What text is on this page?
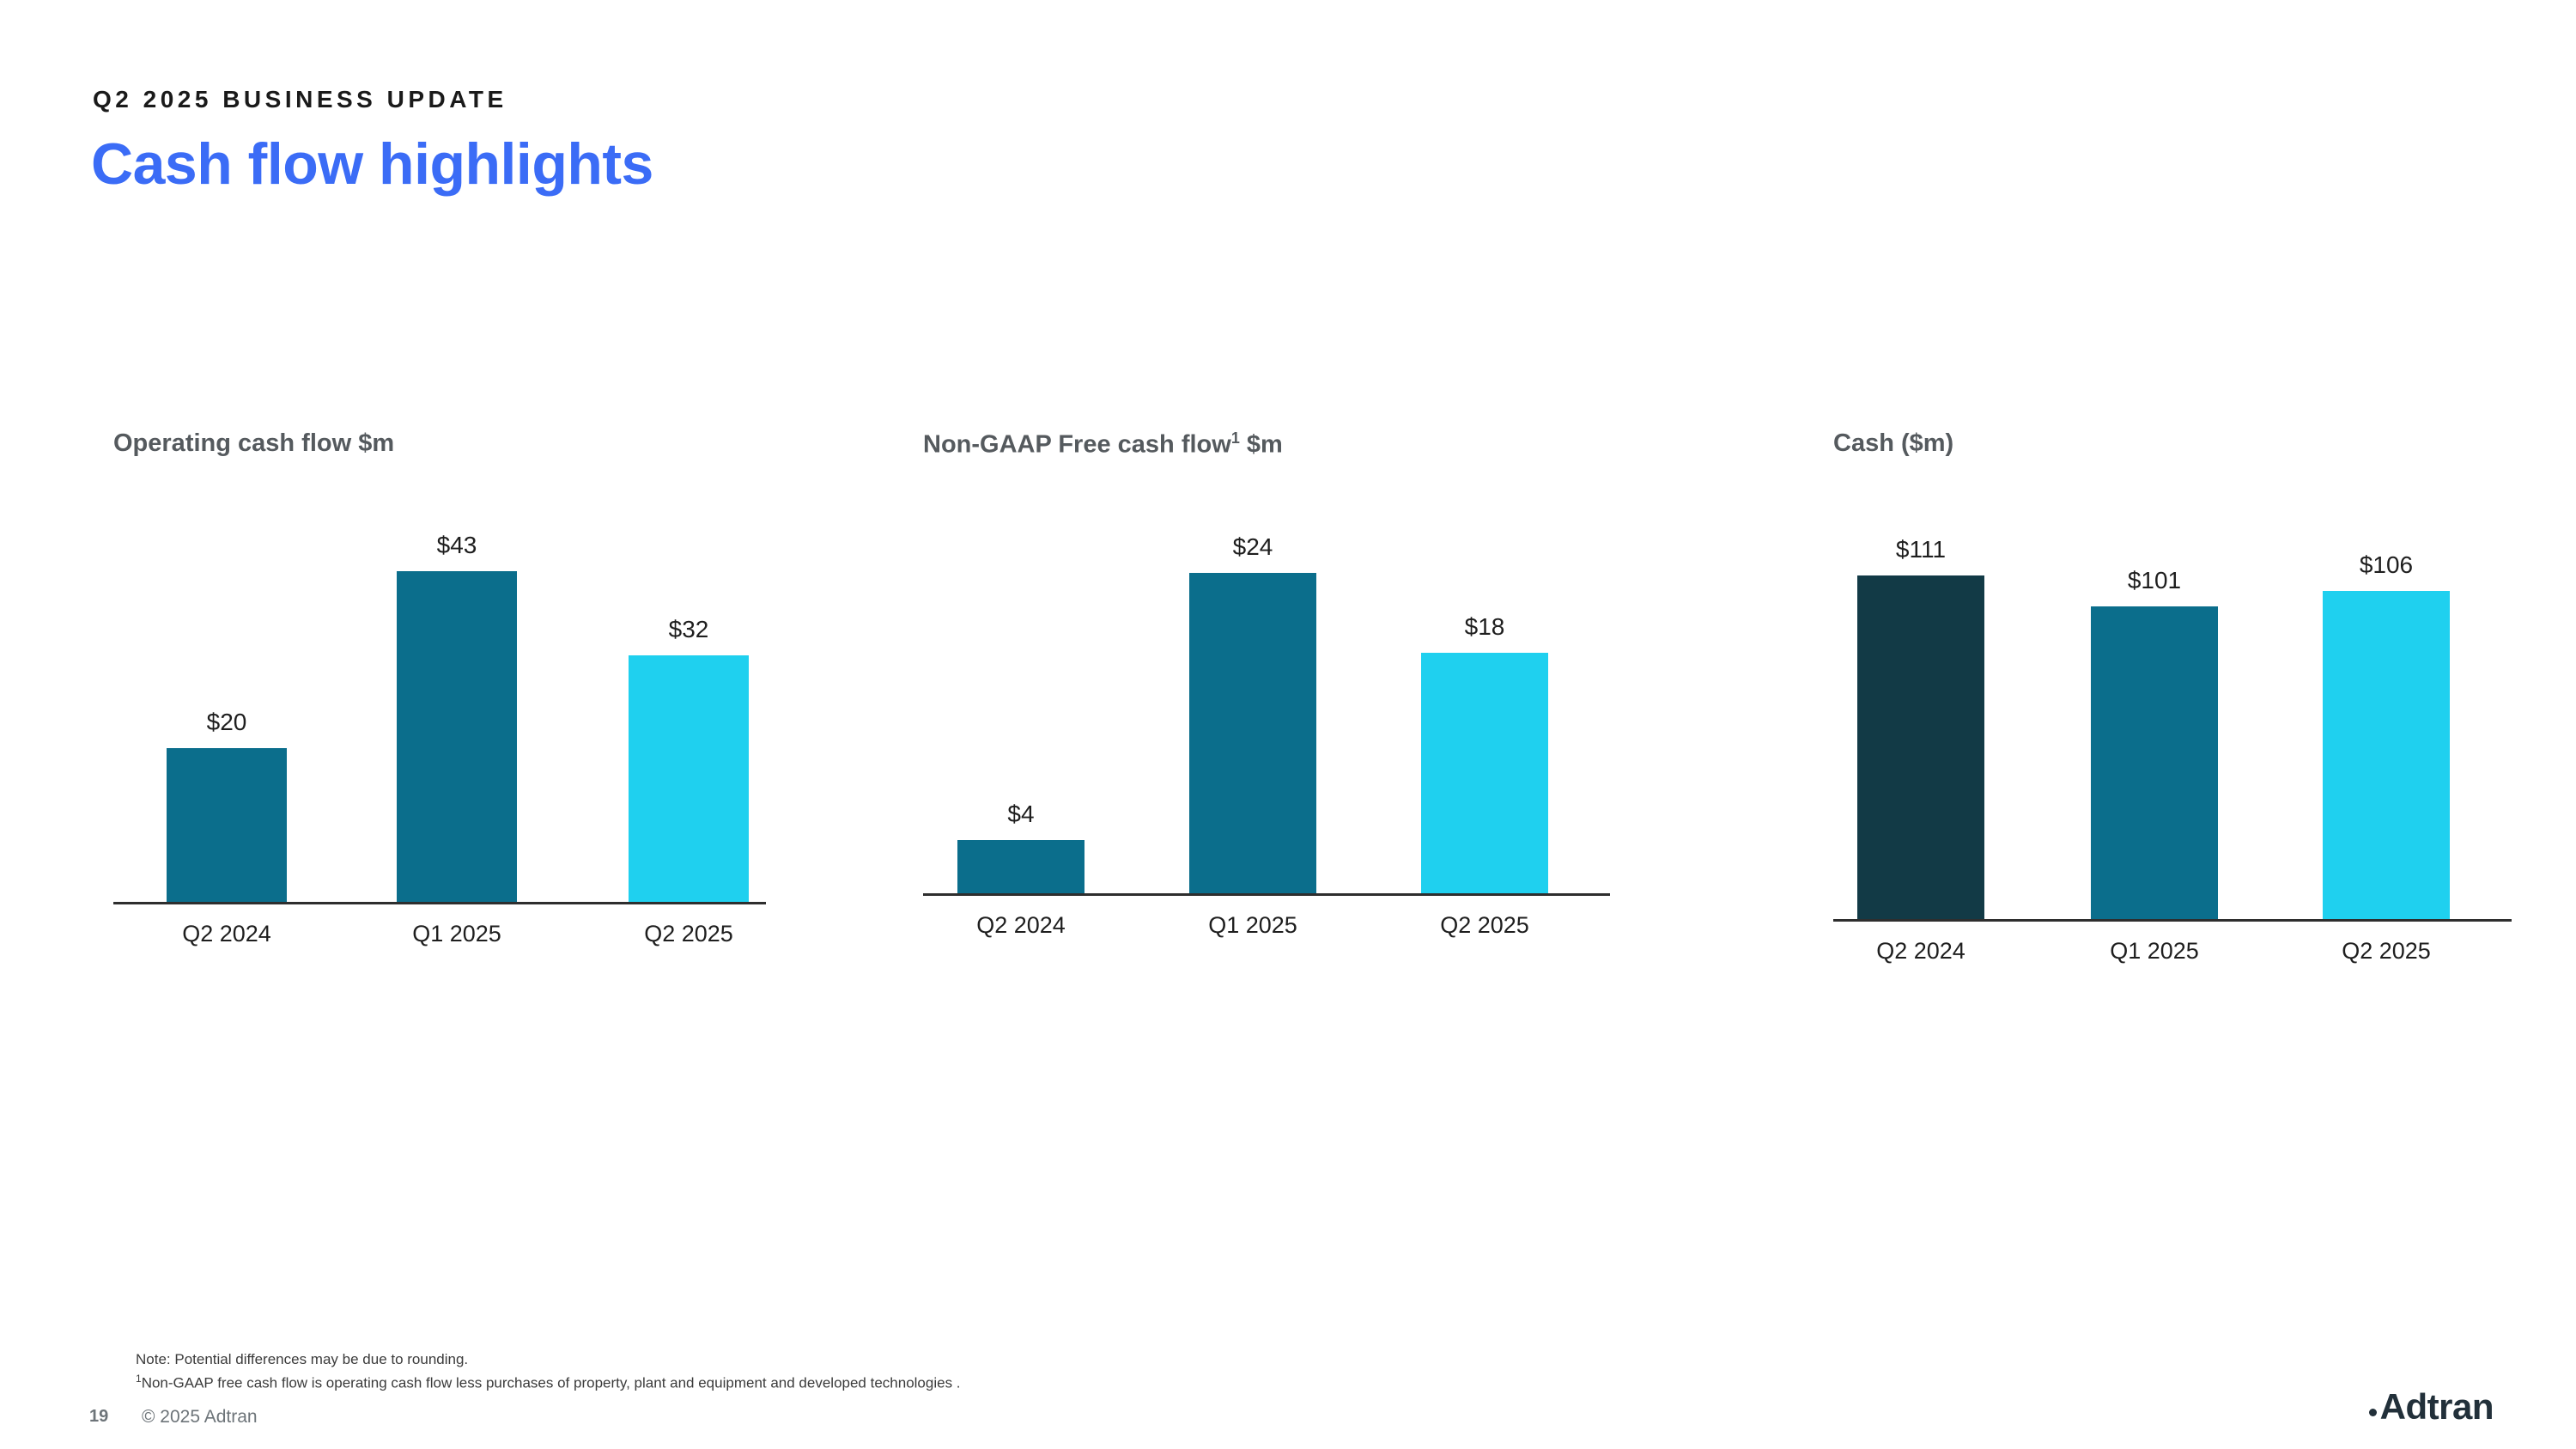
Q2 2025 BUSINESS UPDATE
Cash flow highlights
Operating cash flow $m
$20
Q2 2024
$43
Q1 2025
$32
Q2 2025
Non-GAAP Free cash flow$^1$ $m
$4
Q2 2024
$24
Q1 2025
$18
Q2 2025
Cash ($m)
$111
Q2 2024
$101
Q1 2025
$106
Q2 2025
Note: Potential differences may be due to rounding.
$^1$Non-GAAP free cash flow is operating cash flow less purchases of property, plant and equipment and developed technologies .
19 © 2025 Adtran	Adtran
